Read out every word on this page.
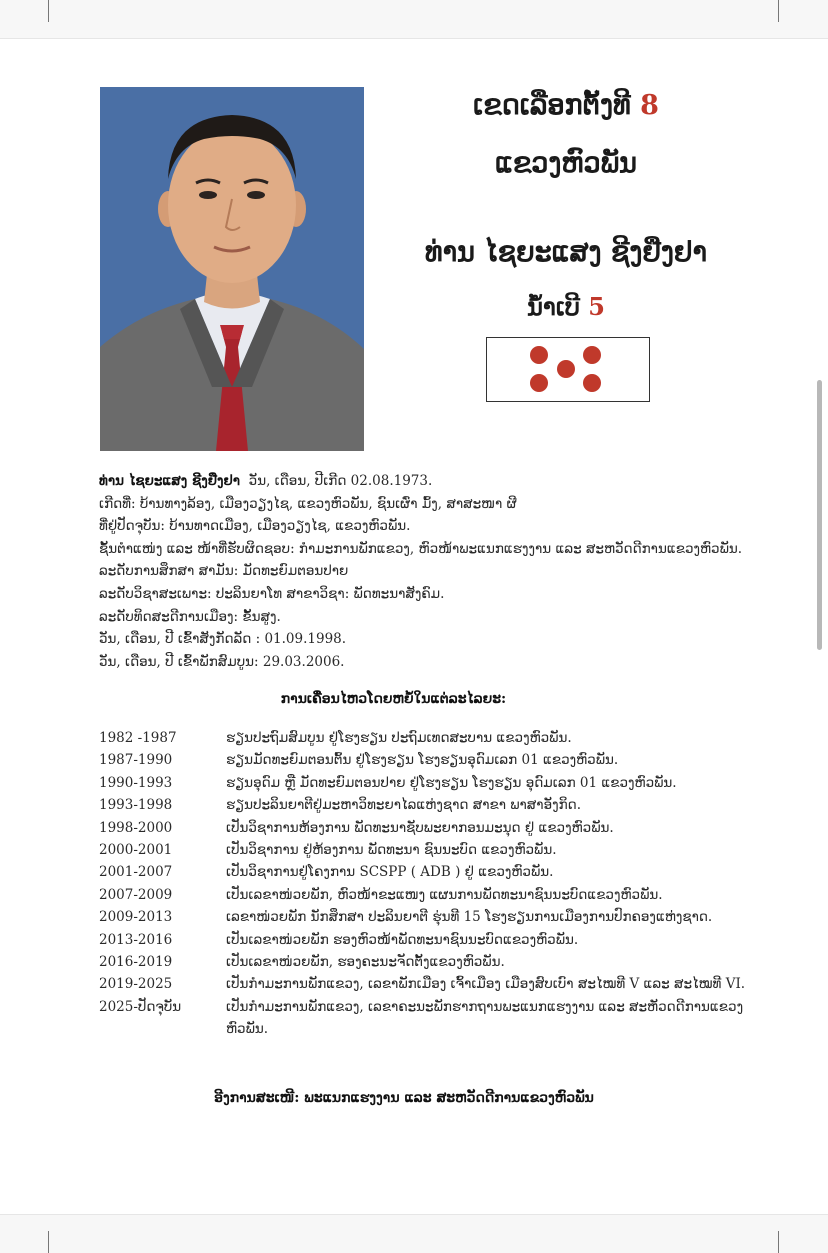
ເຂດເລືອກຕັ້ງທີ 8
ແຂວງຫົວພັນ
ທ່ານ ໄຊຍະແສງ ຊີງຢືງຢາ
ນໍ້າເບີ 5
ທ່ານ ໄຊຍະແສງ ຊີງຢືງຢາ ວັນ, ເດືອນ, ປີເກີດ 02.08.1973.
ເກີດທີ່: ບ້ານທາງລ້ອງ, ເມືອງວຽງໄຊ, ແຂວງຫົວພັນ, ຊົນເຜົ່າ ມົ້ງ, ສາສະໜາ ຜີ
ທີ່ຢູ່ປັດຈຸບັນ: ບ້ານທາດເມືອງ, ເມືອງວຽງໄຊ, ແຂວງຫົວພັນ.
ຊັ້ນຕໍາແໜ່ງ ແລະ ໜ້າທີ່ຮັບຜິດຊອບ: ກໍາມະການພັກແຂວງ, ຫົວໜ້າພະແນກແຮງງານ ແລະ ສະຫວັດດີການແຂວງຫົວພັນ.
ລະດັບການສຶກສາ ສາມັນ: ມັດທະຍົມຕອນປາຍ
ລະດັບວິຊາສະເພາະ: ປະລິນຍາໂທ ສາຂາວິຊາ: ພັດທະນາສັງຄົມ.
ລະດັບທິດສະດີການເມືອງ: ຂັ້ນສູງ.
ວັນ, ເດືອນ, ປີ ເຂົ້າສັງກັດລັດ : 01.09.1998.
ວັນ, ເດືອນ, ປີ ເຂົ້າພັກສົມບູນ: 29.03.2006.
ການເຄື່ອນໄຫວໂດຍຫຍໍ້ໃນແຕ່ລະໄລຍະ:
1982 -1987	ຮຽນປະຖົມສົມບູນ ຢູ່ໂຮງຮຽນ ປະຖົມເທດສະບານ ແຂວງຫົວພັນ.
1987-1990	ຮຽນມັດທະຍົມຕອນຕົ້ນ ຢູ່ໂຮງຮຽນ ໂຮງຮຽນອຸດົມເລກ 01 ແຂວງຫົວພັນ.
1990-1993	ຮຽນອຸດົມ ຫຼື ມັດທະຍົມຕອນປາຍ ຢູ່ໂຮງຮຽນ ໂຮງຮຽນ ອຸດົມເລກ 01 ແຂວງຫົວພັນ.
1993-1998	ຮຽນປະລິນຍາຕີຢູ່ມະຫາວິທະຍາໄລແຫ່ງຊາດ ສາຂາ ພາສາອັງກິດ.
1998-2000	ເປັນວິຊາການຫ້ອງການ ພັດທະນາຊັບພະຍາກອນມະນຸດ ຢູ່ ແຂວງຫົວພັນ.
2000-2001	ເປັນວິຊາການ ຢູ່ຫ້ອງການ ພັດທະນາ ຊົນນະບົດ ແຂວງຫົວພັນ.
2001-2007	ເປັນວິຊາການຢູ່ໂຄງການ SCSPP ( ADB ) ຢູ່ ແຂວງຫົວພັນ.
2007-2009	ເປັນເລຂາໜ່ວຍພັກ, ຫົວໜ້າຂະແໜງ ແຜນການພັດທະນາຊົນນະບົດແຂວງຫົວພັນ.
2009-2013	ເລຂາໜ່ວຍພັກ ນັກສຶກສາ ປະລິນຍາຕີ ຮຸ່ນທີ 15 ໂຮງຮຽນການເມືອງການປົກຄອງແຫ່ງຊາດ.
2013-2016	ເປັນເລຂາໜ່ວຍພັກ ຮອງຫົວໜ້າພັດທະນາຊົນນະບົດແຂວງຫົວພັນ.
2016-2019	ເປັນເລຂາໜ່ວຍພັກ, ຮອງຄະນະຈັດຕັ້ງແຂວງຫົວພັນ.
2019-2025	ເປັນກໍາມະການພັກແຂວງ, ເລຂາພັກເມືອງ ເຈົ້າເມືອງ ເມືອງສົບເບົາ ສະໄໝທີ V ແລະ ສະໄໝທີ VI.
2025-ປັດຈຸບັນ	ເປັນກໍາມະການພັກແຂວງ, ເລຂາຄະນະພັກຮາກຖານພະແນກແຮງງານ ແລະ ສະຫັວດດີການແຂວງ ຫົວພັນ.
ອີງການສະເໜີ: ພະແນກແຮງງານ ແລະ ສະຫວັດດີການແຂວງຫົວພັນ
